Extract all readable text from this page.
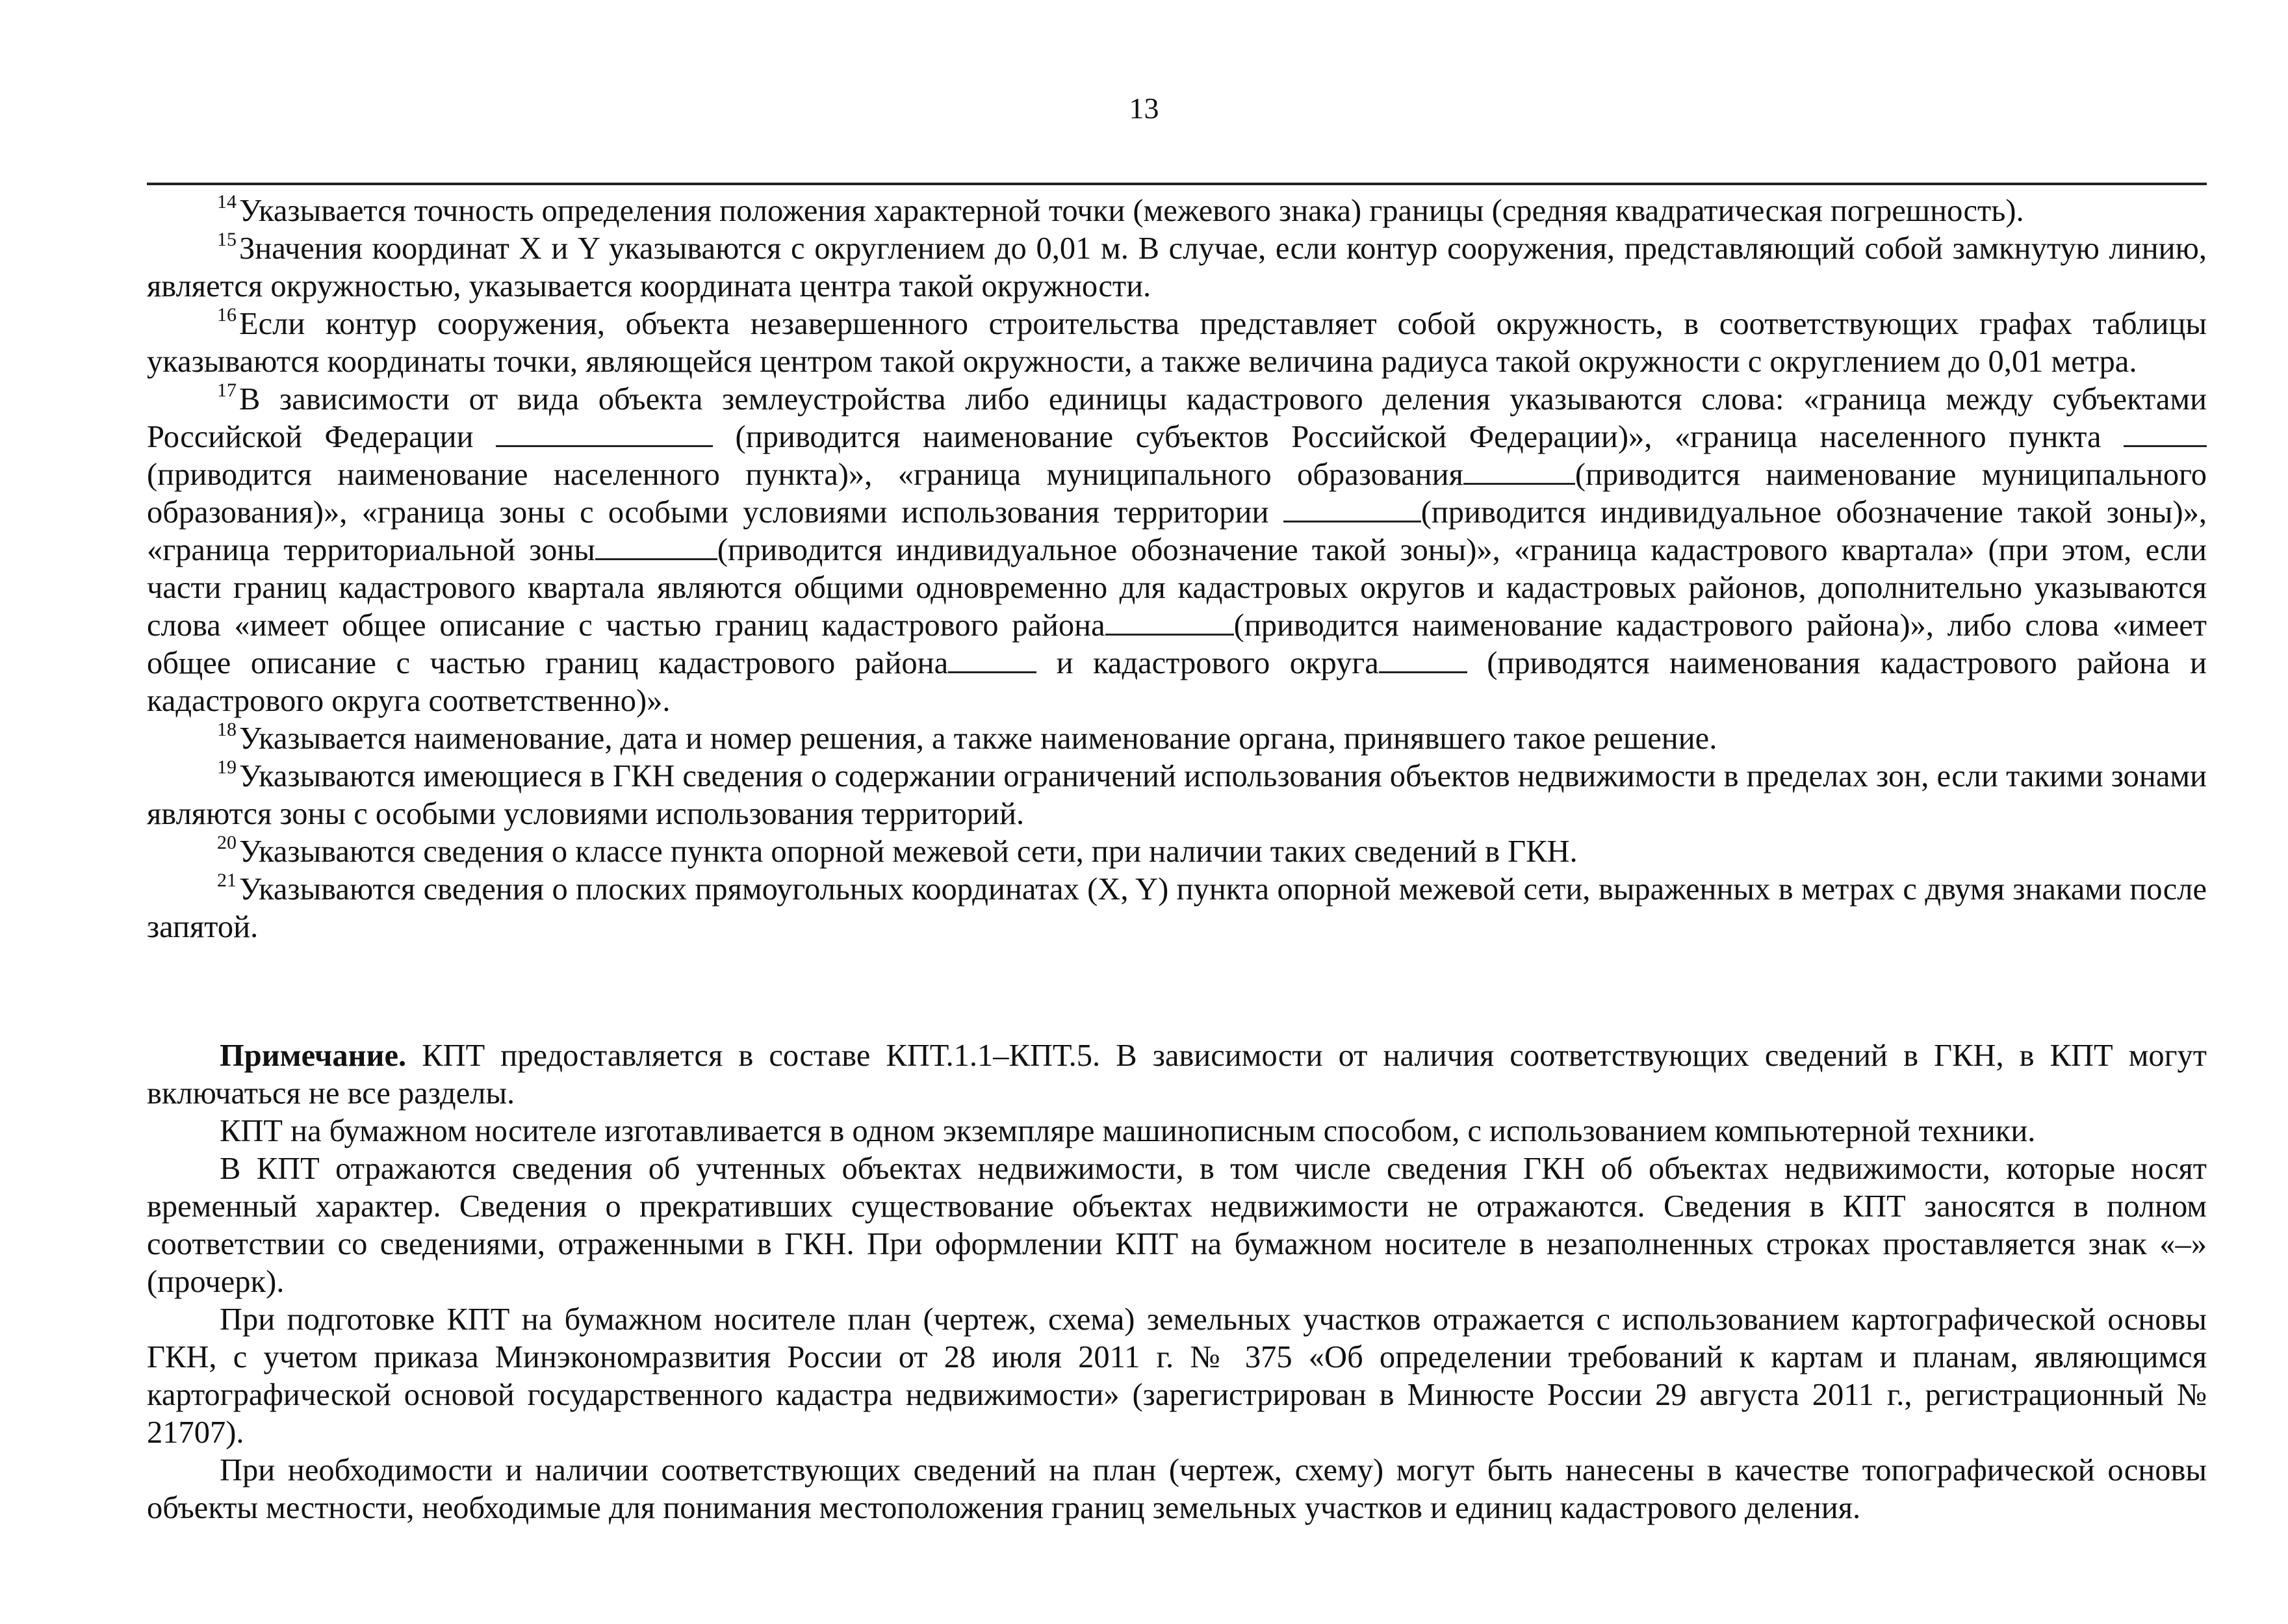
13

$^{14}$Указывается точность определения положения характерной точки (межевого знака) границы (средняя квадратическая погрешность).

$^{15}$Значения координат X и Y указываются с округлением до 0,01 м. В случае, если контур сооружения, представляющий собой замкнутую линию, является окружностью, указывается координата центра такой окружности.

$^{16}$Если контур сооружения, объекта незавершенного строительства представляет собой окружность, в соответствующих графах таблицы указываются координаты точки, являющейся центром такой окружности, а также величина радиуса такой окружности с округлением до 0,01 метра.

$^{17}$В зависимости от вида объекта землеустройства либо единицы кадастрового деления указываются слова: «граница между субъектами Российской Федерации	(приводится наименование субъектов Российской Федерации)», «граница населенного пункта (приводится наименование населенного пункта)», «граница муниципального образования	(приводится наименование муниципального образования)», «граница зоны с особыми условиями использования территории	(приводится индивидуальное обозначение такой зоны)», «граница территориальной зоны	(приводится индивидуальное обозначение такой зоны)», «граница кадастрового квартала» (при этом, если части границ кадастрового квартала являются общими одновременно для кадастровых округов и кадастровых районов, дополнительно указываются слова «имеет общее описание с частью границ кадастрового района	(приводится наименование кадастрового района)», либо слова «имеет общее описание с частью границ кадастрового района	и кадастрового округа	(приводятся наименования кадастрового района и кадастрового округа соответственно)».

$^{18}$Указывается наименование, дата и номер решения, а также наименование органа, принявшего такое решение.

$^{19}$Указываются имеющиеся в ГКН сведения о содержании ограничений использования объектов недвижимости в пределах зон, если такими зонами являются зоны с особыми условиями использования территорий.

$^{20}$Указываются сведения о классе пункта опорной межевой сети, при наличии таких сведений в ГКН.

$^{21}$Указываются сведения о плоских прямоугольных координатах (X, Y) пункта опорной межевой сети, выраженных в метрах с двумя знаками после запятой.

Примечание. КПТ предоставляется в составе КПТ.1.1–КПТ.5. В зависимости от наличия соответствующих сведений в ГКН, в КПТ могут включаться не все разделы.

КПТ на бумажном носителе изготавливается в одном экземпляре машинописным способом, с использованием компьютерной техники.

В КПТ отражаются сведения об учтенных объектах недвижимости, в том числе сведения ГКН об объектах недвижимости, которые носят временный характер. Сведения о прекративших существование объектах недвижимости не отражаются. Сведения в КПТ заносятся в полном соответствии со сведениями, отраженными в ГКН. При оформлении КПТ на бумажном носителе в незаполненных строках проставляется знак «–» (прочерк).

При подготовке КПТ на бумажном носителе план (чертеж, схема) земельных участков отражается с использованием картографической основы ГКН, с учетом приказа Минэкономразвития России от 28 июля 2011 г. № 375 «Об определении требований к картам и планам, являющимся картографической основой государственного кадастра недвижимости» (зарегистрирован в Минюсте России 29 августа 2011 г., регистрационный № 21707).

При необходимости и наличии соответствующих сведений на план (чертеж, схему) могут быть нанесены в качестве топографической основы объекты местности, необходимые для понимания местоположения границ земельных участков и единиц кадастрового деления.
